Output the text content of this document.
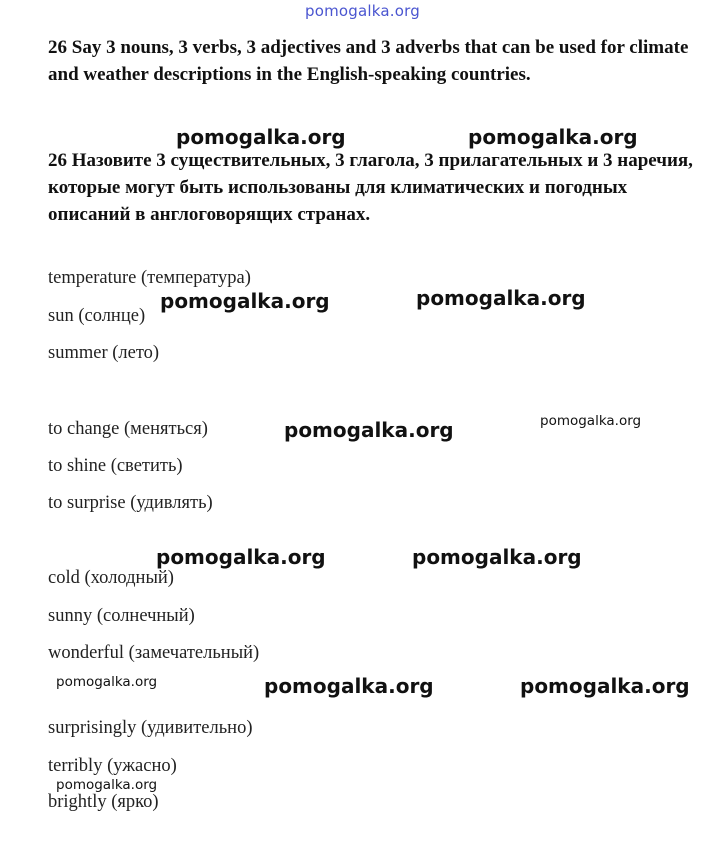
pomogalka.org
26 Say 3 nouns, 3 verbs, 3 adjectives and 3 adverbs that can be used for climate and weather descriptions in the English-speaking countries.
26 Назовите 3 существительных, 3 глагола, 3 прилагательных и 3 наречия, которые могут быть использованы для климатических и погодных описаний в англоговорящих странах.
temperature (температура)
sun (солнце)
summer (лето)
to change (меняться)
to shine (светить)
to surprise (удивлять)
cold (холодный)
sunny (солнечный)
wonderful (замечательный)
surprisingly (удивительно)
terribly (ужасно)
brightly (ярко)
pomogalka.org	pomogalka.org
pomogalka.org	pomogalka.org
pomogalka.org	pomogalka.org
pomogalka.org	pomogalka.org
pomogalka.org	pomogalka.org	pomogalka.org
pomogalka.org
